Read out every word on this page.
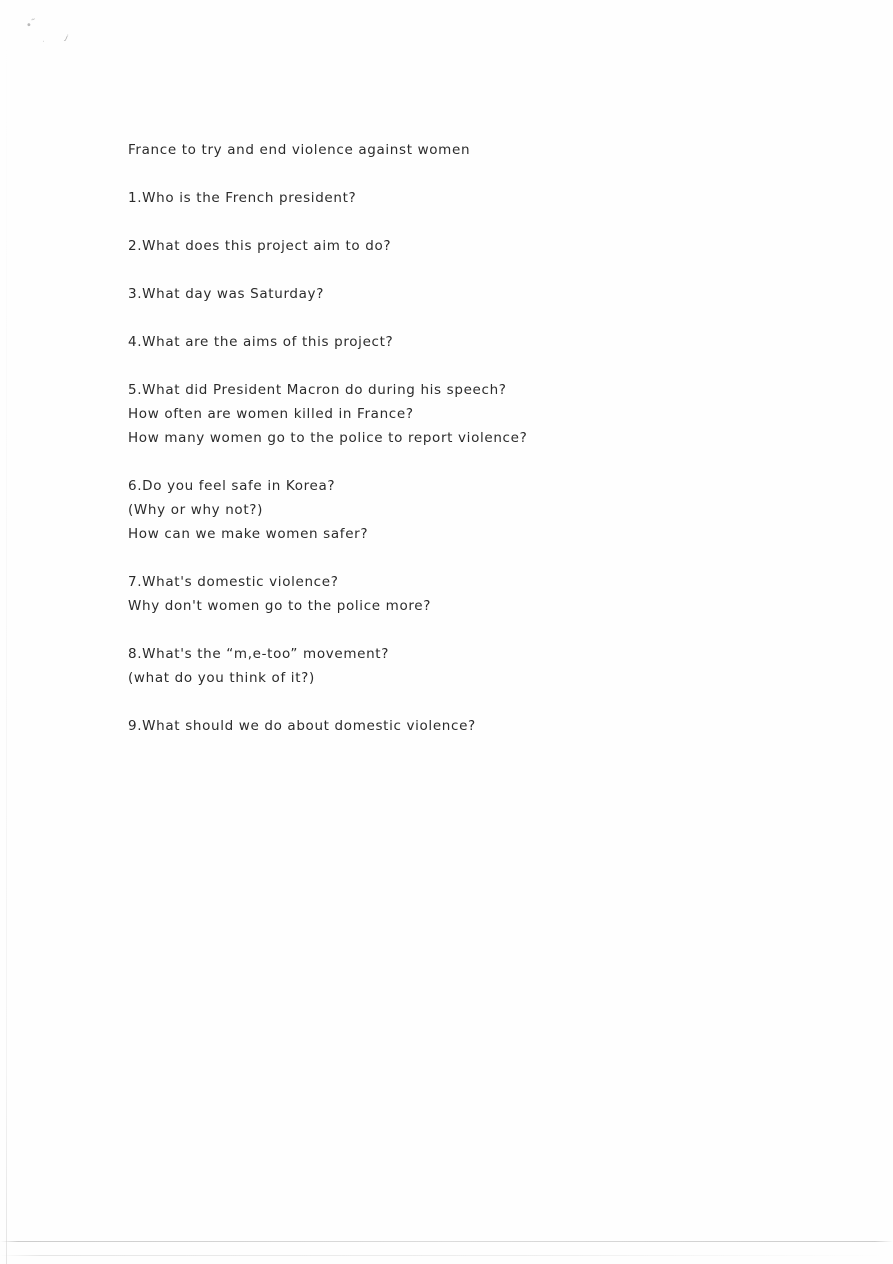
∙˜
· ⱼ
France to try and end violence against women
1.Who is the French president?
2.What does this project aim to do?
3.What day was Saturday?
4.What are the aims of this project?
5.What did President Macron do during his speech?
How often are women killed in France?
How many women go to the police to report violence?
6.Do you feel safe in Korea?
(Why or why not?)
How can we make women safer?
7.What's domestic violence?
Why don't women go to the police more?
8.What's the “m,e-too” movement?
(what do you think of it?)
9.What should we do about domestic violence?
